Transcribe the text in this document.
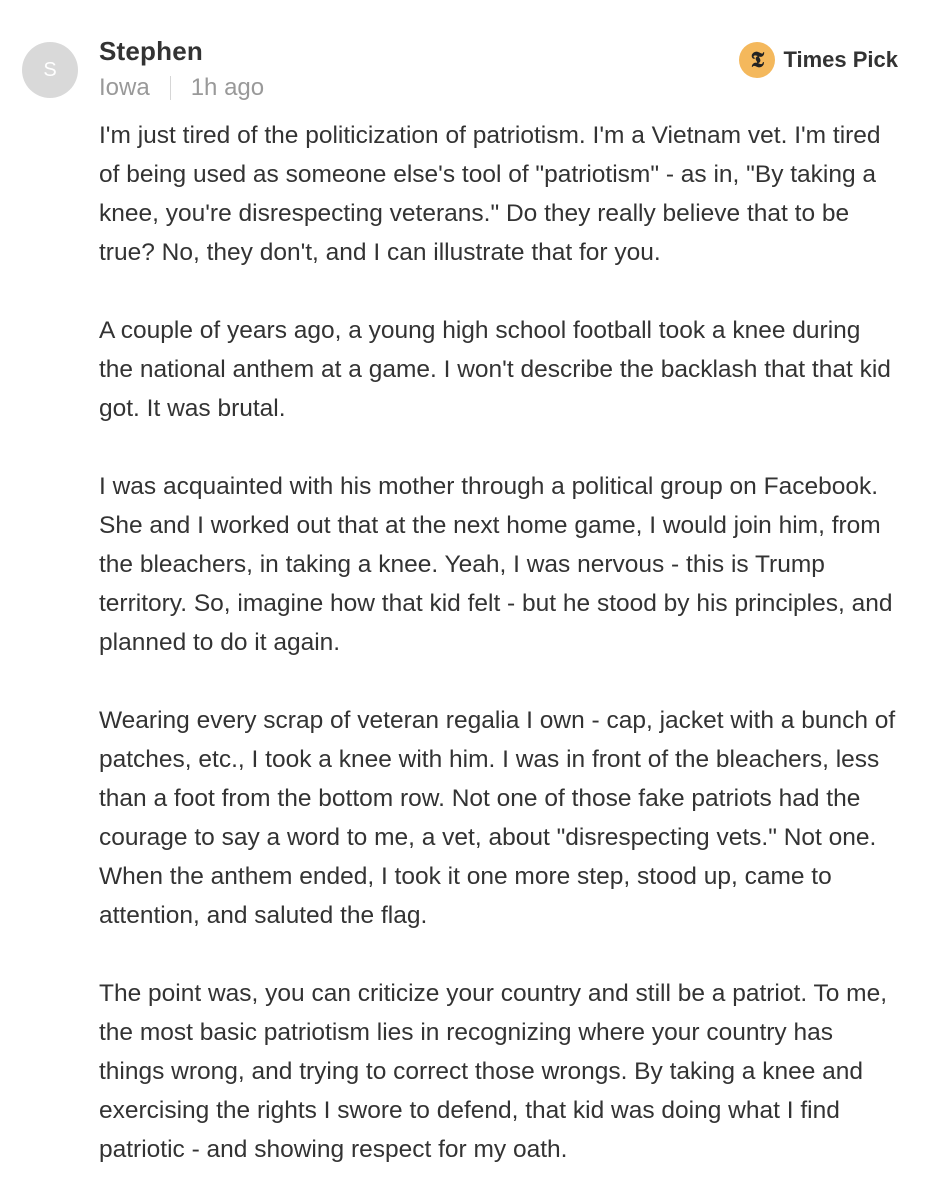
S
Stephen
Iowa 1h ago
𝕿 Times Pick

I'm just tired of the politicization of patriotism. I'm a Vietnam vet. I'm tired of being used as someone else's tool of "patriotism" - as in, "By taking a knee, you're disrespecting veterans." Do they really believe that to be true? No, they don't, and I can illustrate that for you.

A couple of years ago, a young high school football took a knee during the national anthem at a game. I won't describe the backlash that that kid got. It was brutal.

I was acquainted with his mother through a political group on Facebook. She and I worked out that at the next home game, I would join him, from the bleachers, in taking a knee. Yeah, I was nervous - this is Trump territory. So, imagine how that kid felt - but he stood by his principles, and planned to do it again.

Wearing every scrap of veteran regalia I own - cap, jacket with a bunch of patches, etc., I took a knee with him. I was in front of the bleachers, less than a foot from the bottom row. Not one of those fake patriots had the courage to say a word to me, a vet, about "disrespecting vets." Not one. When the anthem ended, I took it one more step, stood up, came to attention, and saluted the flag.

The point was, you can criticize your country and still be a patriot. To me, the most basic patriotism lies in recognizing where your country has things wrong, and trying to correct those wrongs. By taking a knee and exercising the rights I swore to defend, that kid was doing what I find patriotic - and showing respect for my oath.
